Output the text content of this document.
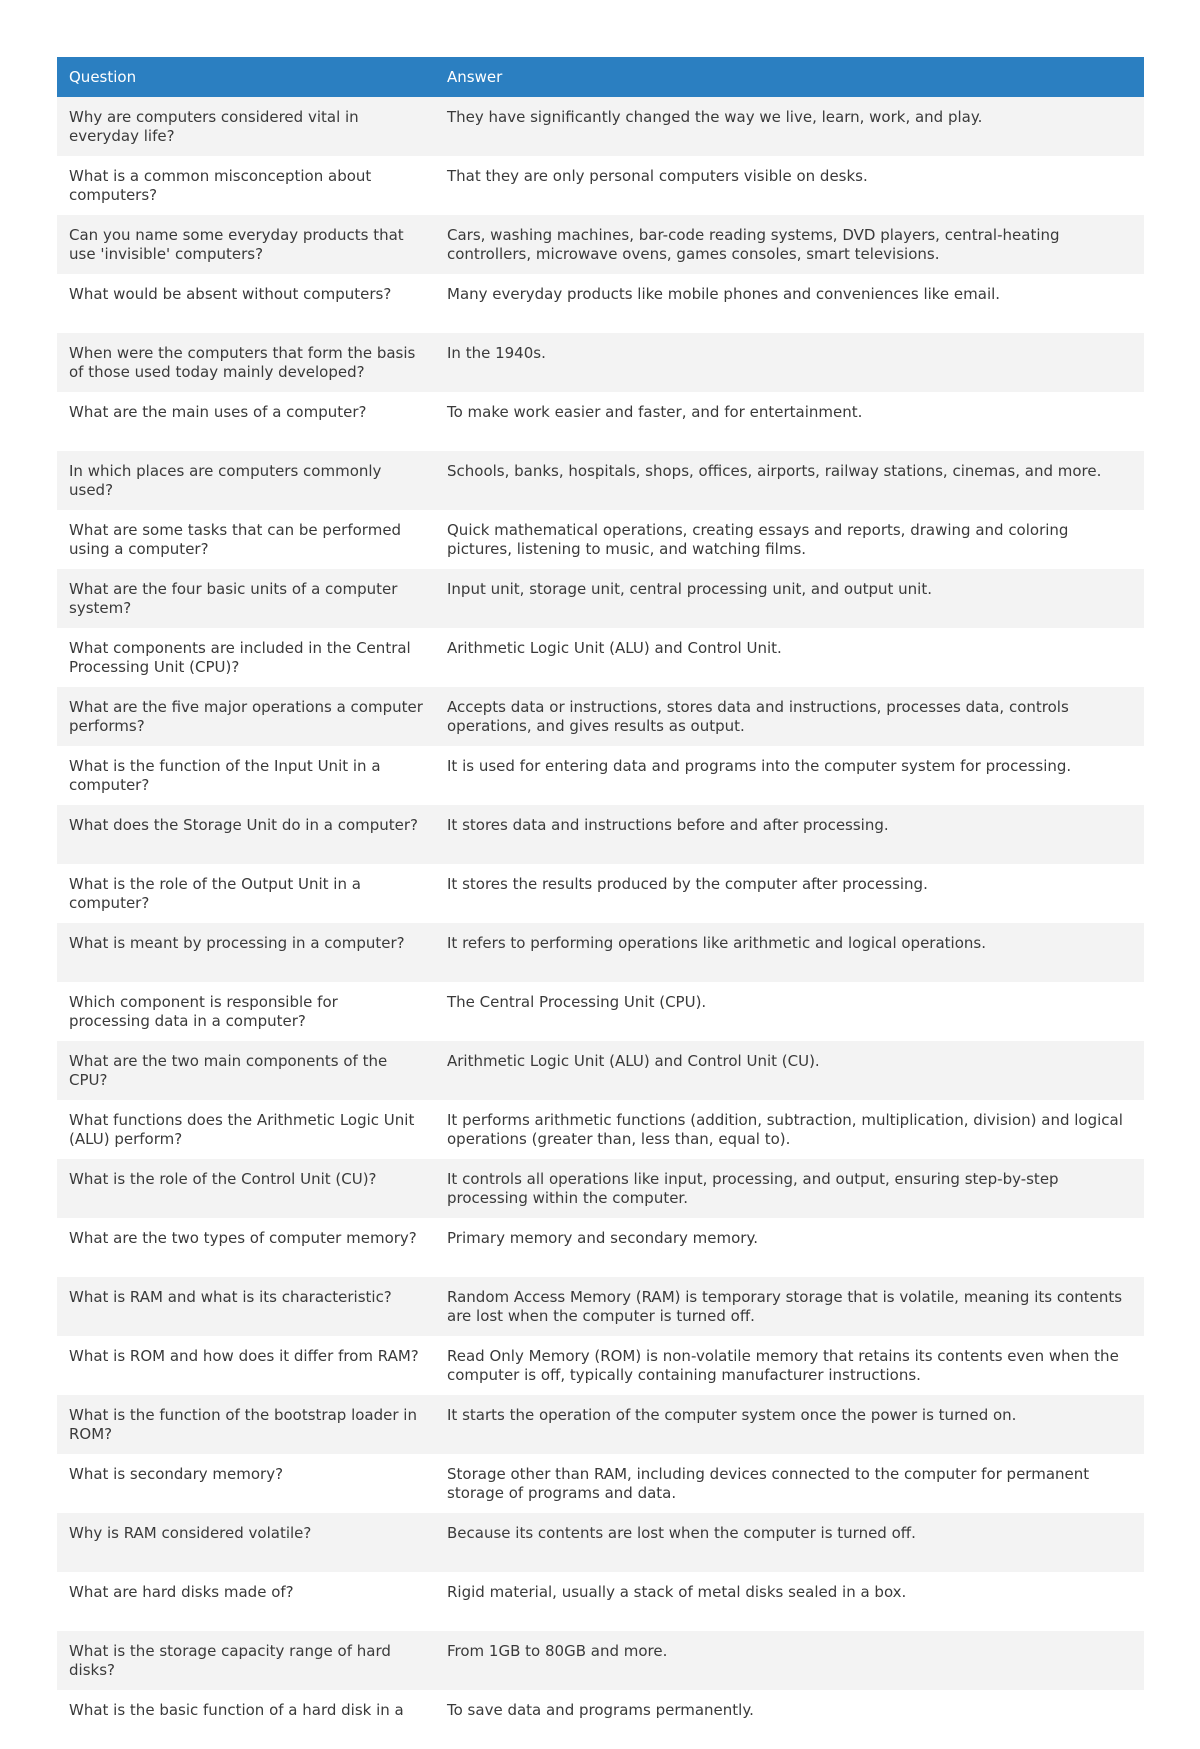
Question	Answer
Why are computers considered vital in everyday life?	They have significantly changed the way we live, learn, work, and play.
What is a common misconception about computers?	That they are only personal computers visible on desks.
Can you name some everyday products that use 'invisible' computers?	Cars, washing machines, bar-code reading systems, DVD players, central-heating controllers, microwave ovens, games consoles, smart televisions.
What would be absent without computers?	Many everyday products like mobile phones and conveniences like email.
When were the computers that form the basis of those used today mainly developed?	In the 1940s.
What are the main uses of a computer?	To make work easier and faster, and for entertainment.
In which places are computers commonly used?	Schools, banks, hospitals, shops, offices, airports, railway stations, cinemas, and more.
What are some tasks that can be performed using a computer?	Quick mathematical operations, creating essays and reports, drawing and coloring pictures, listening to music, and watching films.
What are the four basic units of a computer system?	Input unit, storage unit, central processing unit, and output unit.
What components are included in the Central Processing Unit (CPU)?	Arithmetic Logic Unit (ALU) and Control Unit.
What are the five major operations a computer performs?	Accepts data or instructions, stores data and instructions, processes data, controls operations, and gives results as output.
What is the function of the Input Unit in a computer?	It is used for entering data and programs into the computer system for processing.
What does the Storage Unit do in a computer?	It stores data and instructions before and after processing.
What is the role of the Output Unit in a computer?	It stores the results produced by the computer after processing.
What is meant by processing in a computer?	It refers to performing operations like arithmetic and logical operations.
Which component is responsible for processing data in a computer?	The Central Processing Unit (CPU).
What are the two main components of the CPU?	Arithmetic Logic Unit (ALU) and Control Unit (CU).
What functions does the Arithmetic Logic Unit (ALU) perform?	It performs arithmetic functions (addition, subtraction, multiplication, division) and logical operations (greater than, less than, equal to).
What is the role of the Control Unit (CU)?	It controls all operations like input, processing, and output, ensuring step-by-step processing within the computer.
What are the two types of computer memory?	Primary memory and secondary memory.
What is RAM and what is its characteristic?	Random Access Memory (RAM) is temporary storage that is volatile, meaning its contents are lost when the computer is turned off.
What is ROM and how does it differ from RAM?	Read Only Memory (ROM) is non-volatile memory that retains its contents even when the computer is off, typically containing manufacturer instructions.
What is the function of the bootstrap loader in ROM?	It starts the operation of the computer system once the power is turned on.
What is secondary memory?	Storage other than RAM, including devices connected to the computer for permanent storage of programs and data.
Why is RAM considered volatile?	Because its contents are lost when the computer is turned off.
What are hard disks made of?	Rigid material, usually a stack of metal disks sealed in a box.
What is the storage capacity range of hard disks?	From 1GB to 80GB and more.
What is the basic function of a hard disk in a	To save data and programs permanently.
